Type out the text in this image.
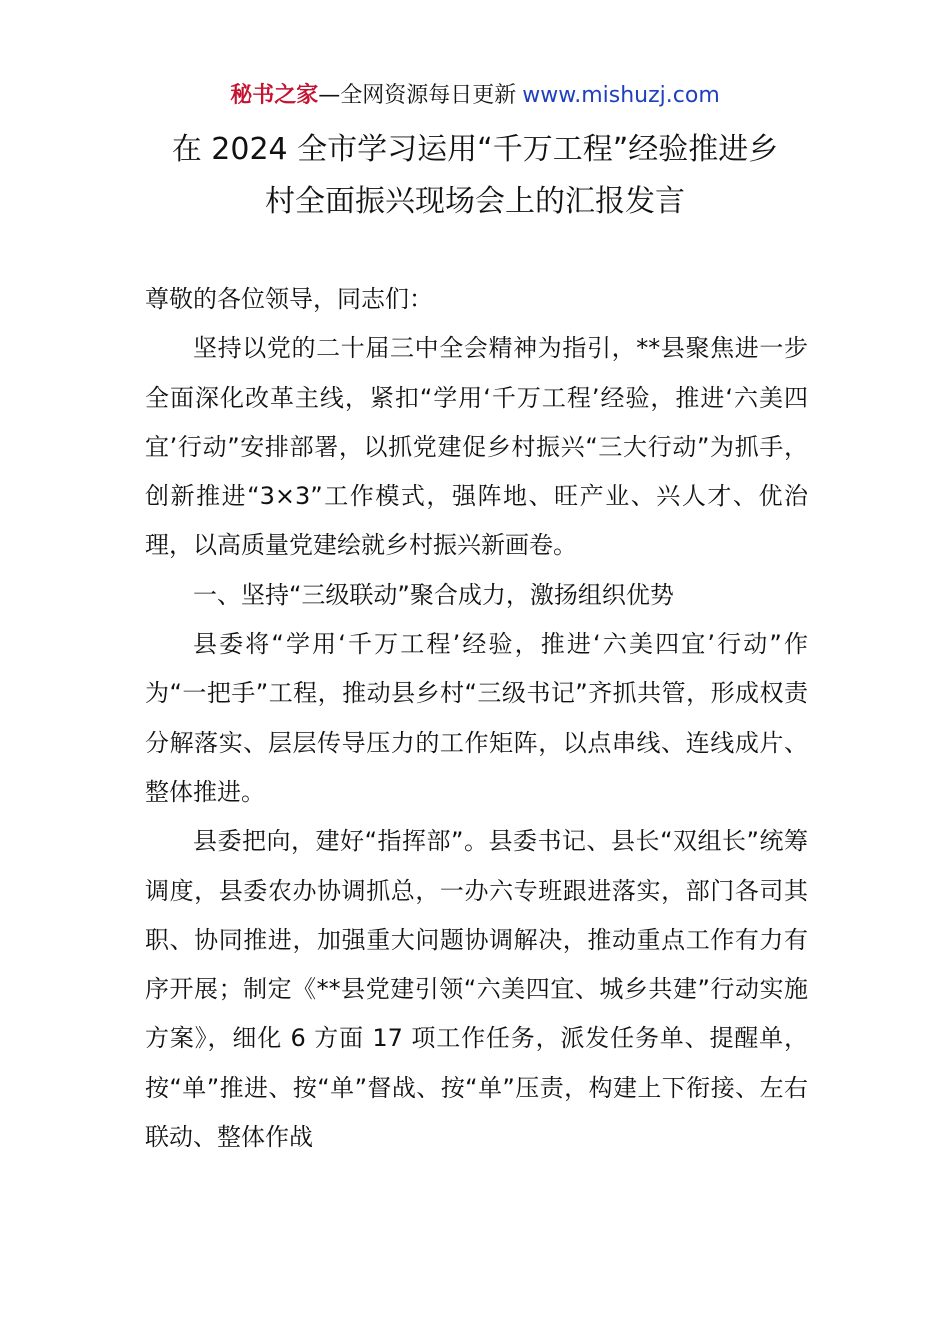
秘书之家—全网资源每日更新 www.mishuzj.com
在 2024 全市学习运用“千万工程”经验推进乡
村全面振兴现场会上的汇报发言

尊敬的各位领导，同志们：

坚持以党的二十届三中全会精神为指引，**县聚焦进一步全面深化改革主线，紧扣“学用‘千万工程’经验，推进‘六美四宜’行动”安排部署，以抓党建促乡村振兴“三大行动”为抓手，创新推进“3×3”工作模式，强阵地、旺产业、兴人才、优治理，以高质量党建绘就乡村振兴新画卷。

一、坚持“三级联动”聚合成力，激扬组织优势

县委将“学用‘千万工程’经验，推进‘六美四宜’行动”作为“一把手”工程，推动县乡村“三级书记”齐抓共管，形成权责分解落实、层层传导压力的工作矩阵，以点串线、连线成片、整体推进。

县委把向，建好“指挥部”。县委书记、县长“双组长”统筹调度，县委农办协调抓总，一办六专班跟进落实，部门各司其职、协同推进，加强重大问题协调解决，推动重点工作有力有序开展；制定《**县党建引领“六美四宜、城乡共建”行动实施方案》，细化 6 方面 17 项工作任务，派发任务单、提醒单，按“单”推进、按“单”督战、按“单”压责，构建上下衔接、左右联动、整体作战
